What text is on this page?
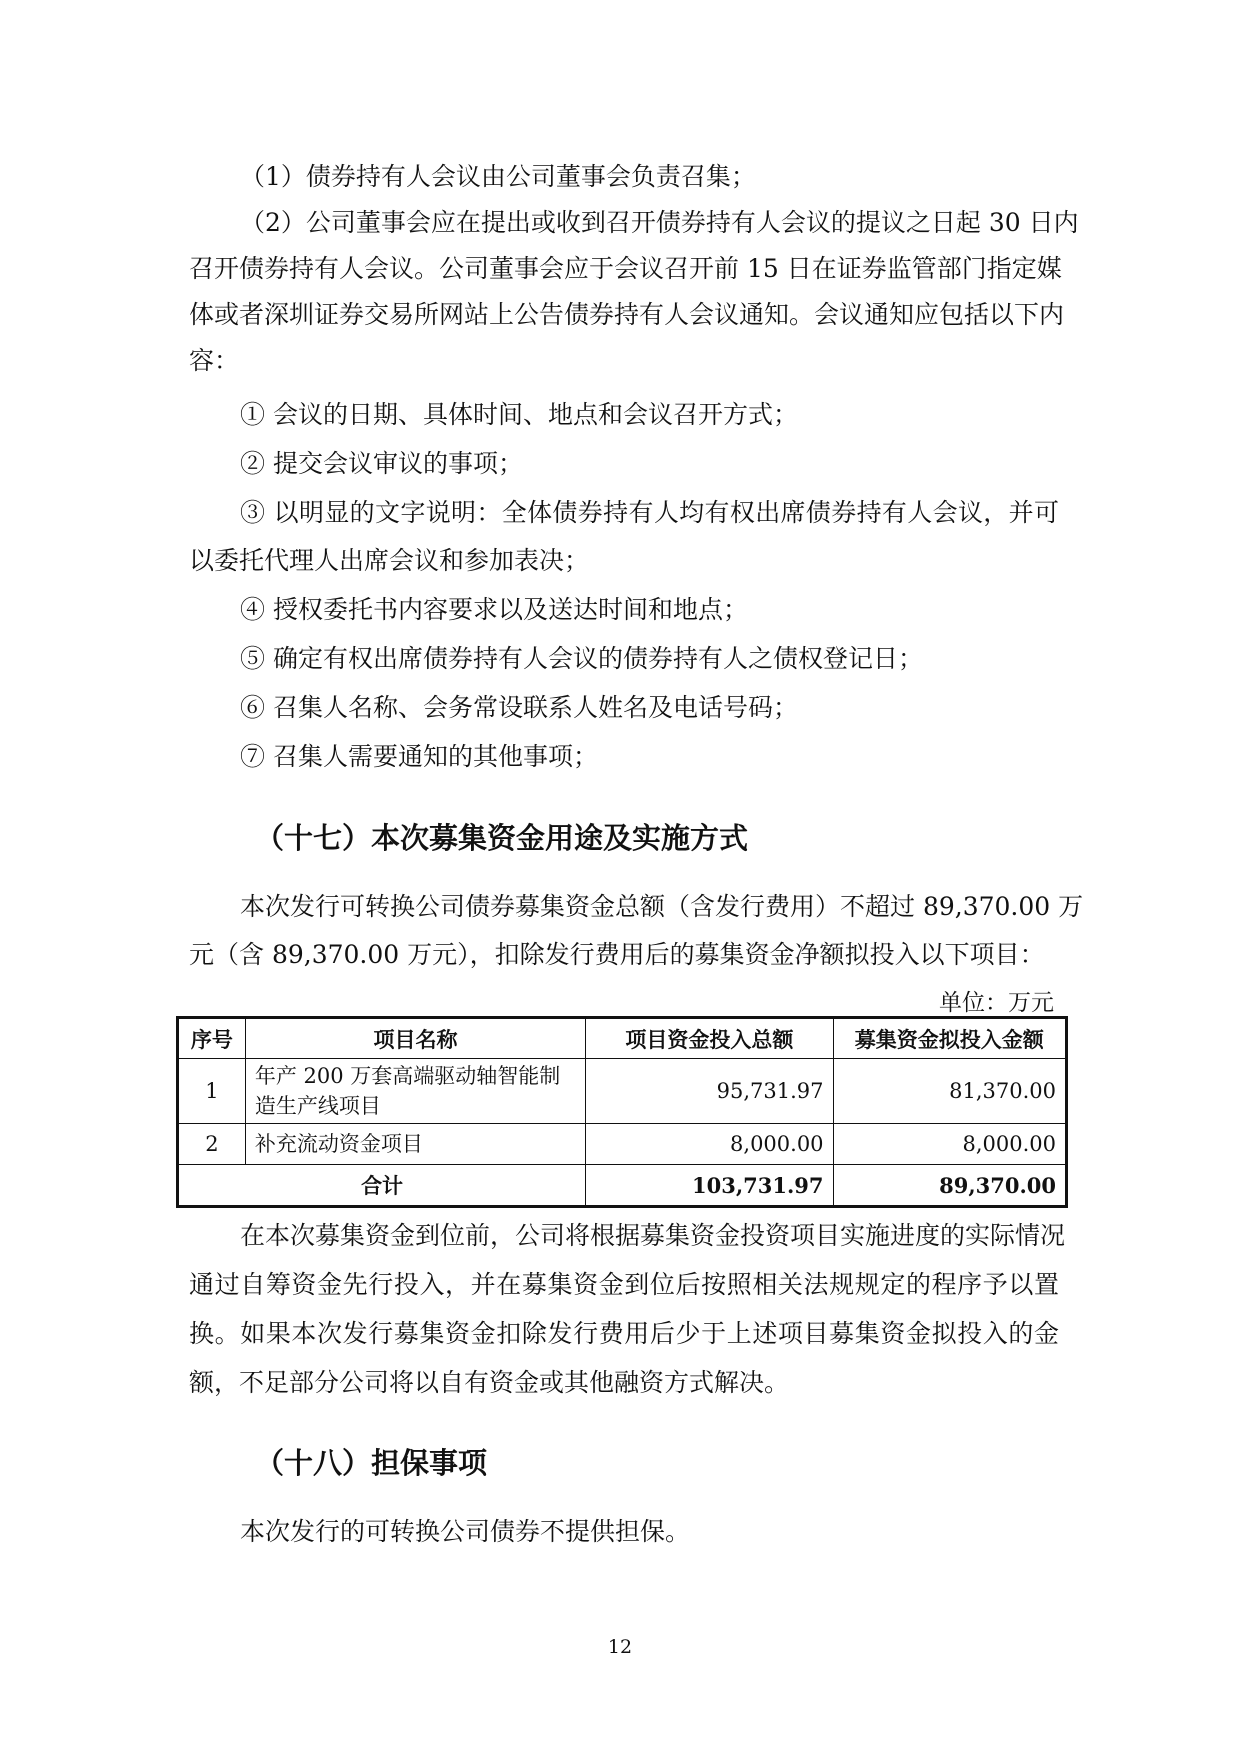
（1）债券持有人会议由公司董事会负责召集；
（2）公司董事会应在提出或收到召开债券持有人会议的提议之日起 30 日内
召开债券持有人会议。公司董事会应于会议召开前 15 日在证券监管部门指定媒
体或者深圳证券交易所网站上公告债券持有人会议通知。会议通知应包括以下内
容：
① 会议的日期、具体时间、地点和会议召开方式；
② 提交会议审议的事项；
③ 以明显的文字说明：全体债券持有人均有权出席债券持有人会议，并可
以委托代理人出席会议和参加表决；
④ 授权委托书内容要求以及送达时间和地点；
⑤ 确定有权出席债券持有人会议的债券持有人之债权登记日；
⑥ 召集人名称、会务常设联系人姓名及电话号码；
⑦ 召集人需要通知的其他事项；
（十七）本次募集资金用途及实施方式
本次发行可转换公司债券募集资金总额（含发行费用）不超过 89,370.00 万
元（含 89,370.00 万元），扣除发行费用后的募集资金净额拟投入以下项目：
单位：万元
序号	项目名称	项目资金投入总额	募集资金拟投入金额
1	年产 200 万套高端驱动轴智能制
造生产线项目	95,731.97	81,370.00
2	补充流动资金项目	8,000.00	8,000.00
合计		103,731.97	89,370.00
在本次募集资金到位前，公司将根据募集资金投资项目实施进度的实际情况
通过自筹资金先行投入，并在募集资金到位后按照相关法规规定的程序予以置
换。如果本次发行募集资金扣除发行费用后少于上述项目募集资金拟投入的金
额，不足部分公司将以自有资金或其他融资方式解决。
（十八）担保事项
本次发行的可转换公司债券不提供担保。
12
